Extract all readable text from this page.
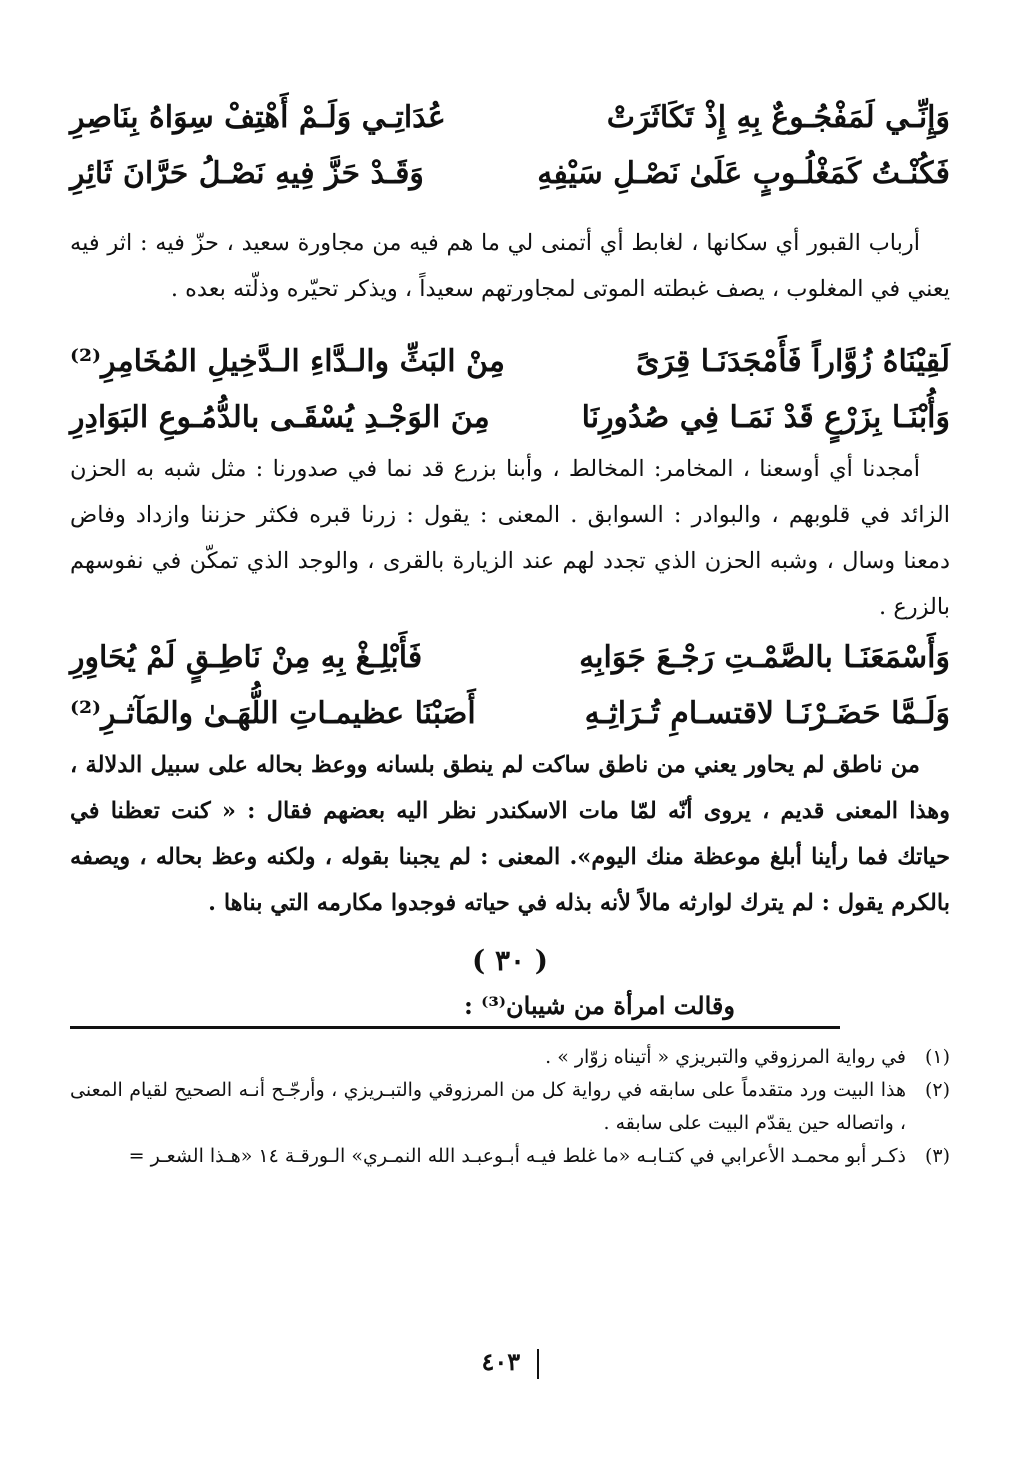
وَإِنِّـي لَمَفْجُـوعٌ بِهِ إِذْ تَكَاثَرَتْ
عُدَاتِـي وَلَـمْ أَهْتِفْ سِوَاهُ بِنَاصِرِ
فَكُنْـتُ كَمَغْلُـوبٍ عَلَىٰ نَصْـلِ سَيْفِهِ
وَقَـدْ حَزَّ فِيهِ نَصْـلُ حَرَّانَ ثَائِرِ

أرباب القبور أي سكانها ، لغابط أي أتمنى لي ما هم فيه من مجاورة سعيد ، حزّ فيه : اثر فيه يعني في المغلوب ، يصف غبطته الموتى لمجاورتهم سعيداً ، ويذكر تحيّره وذلّته بعده .

لَقِيْنَاهُ زُوَّاراً فَأَمْجَدَنَـا قِرَىً
مِنْ البَثِّ والـدَّاءِ الـدَّخِيلِ المُخَامِرِ⁽²⁾
وَأُبْنَـا بِزَرْعٍ قَدْ نَمَـا فِي صُدُورِنَا
مِنَ الوَجْـدِ يُسْقَـى بالدُّمُـوعِ البَوَادِرِ

أمجدنا أي أوسعنا ، المخامر: المخالط ، وأبنا بزرع قد نما في صدورنا : مثل شبه به الحزن الزائد في قلوبهم ، والبوادر : السوابق . المعنى : يقول : زرنا قبره فكثر حزننا وازداد وفاض دمعنا وسال ، وشبه الحزن الذي تجدد لهم عند الزيارة بالقرى ، والوجد الذي تمكّن في نفوسهم بالزرع .

وَأَسْمَعَنَـا بالصَّمْـتِ رَجْـعَ جَوَابِهِ
فَأَبْلِـغْ بِهِ مِنْ نَاطِـقٍ لَمْ يُحَاوِرِ
وَلَـمَّا حَضَـرْنَـا لاقتسـامِ تُـرَاثِـهِ
أَصَبْنَا عظيمـاتِ اللُّهَـىٰ والمَآثـرِ⁽²⁾

من ناطق لم يحاور يعني من ناطق ساكت لم ينطق بلسانه ووعظ بحاله على سبيل الدلالة ، وهذا المعنى قديم ، يروى أنّه لمّا مات الاسكندر نظر اليه بعضهم فقال : « كنت تعظنا في حياتك فما رأينا أبلغ موعظة منك اليوم». المعنى : لم يجبنا بقوله ، ولكنه وعظ بحاله ، ويصفه بالكرم يقول : لم يترك لوارثه مالاً لأنه بذله في حياته فوجدوا مكارمه التي بناها .

( ٣٠ )
وقالت امرأة من شيبان⁽³⁾ :
(١)
في رواية المرزوقي والتبريزي « أتيناه زوّار » .
(٢)
هذا البيت ورد متقدماً على سابقه في رواية كل من المرزوقي والتبـريزي ، وأرجّـح أنـه الصحيح لقيام المعنى ، واتصاله حين يقدّم البيت على سابقه .
(٣)
ذكـر أبو محمـد الأعرابي في كتـابـه «ما غلط فيـه أبـوعبـد الله النمـري» الـورقـة ١٤ «هـذا الشعـر =
٤٠٣
